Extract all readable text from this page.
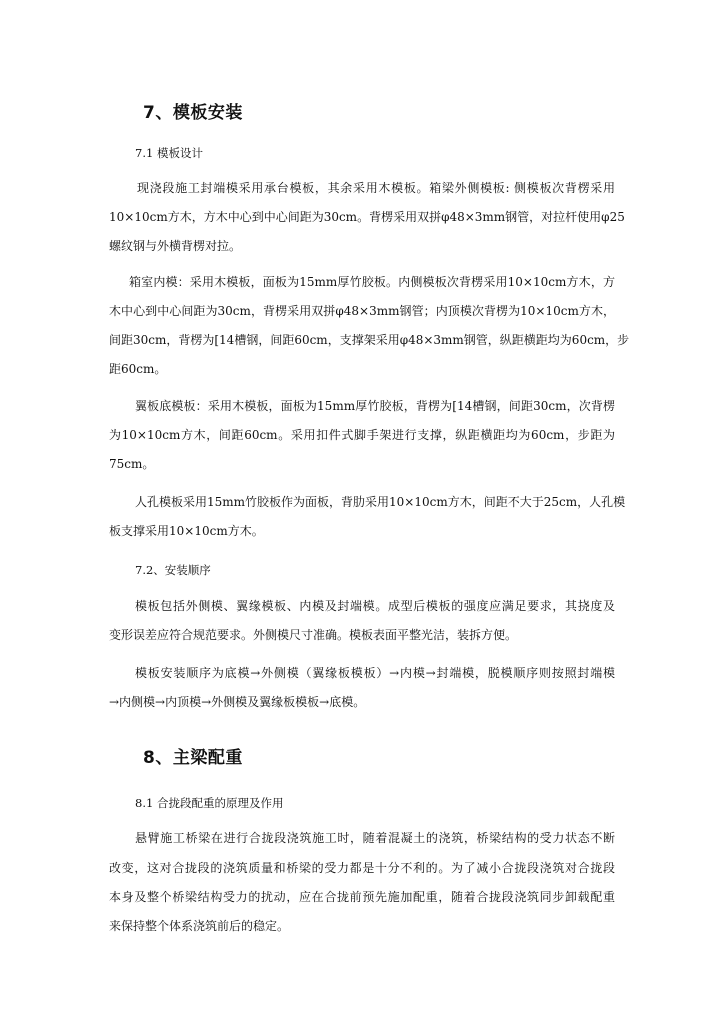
7、模板安装
7.1 模板设计
现浇段施工封端模采用承台模板，其余采用木模板。箱梁外侧模板: 侧模板次背楞采用
10×10cm方木，方木中心到中心间距为30cm。背楞采用双拼φ48×3mm钢管，对拉杆使用φ25
螺纹钢与外横背楞对拉。
箱室内模：采用木模板，面板为15mm厚竹胶板。内侧模板次背楞采用10×10cm方木，方
木中心到中心间距为30cm，背楞采用双拼φ48×3mm钢管；内顶模次背楞为10×10cm方木，
间距30cm，背楞为[14槽钢，间距60cm，支撑架采用φ48×3mm钢管，纵距横距均为60cm，步
距60cm。
翼板底模板：采用木模板，面板为15mm厚竹胶板，背楞为[14槽钢，间距30cm，次背楞
为10×10cm方木，间距60cm。采用扣件式脚手架进行支撑，纵距横距均为60cm，步距为
75cm。
人孔模板采用15mm竹胶板作为面板，背肋采用10×10cm方木，间距不大于25cm，人孔模
板支撑采用10×10cm方木。
7.2、安装顺序
模板包括外侧模、翼缘模板、内模及封端模。成型后模板的强度应满足要求，其挠度及
变形误差应符合规范要求。外侧模尺寸准确。模板表面平整光洁，装拆方便。
模板安装顺序为底模→外侧模（翼缘板模板）→内模→封端模，脱模顺序则按照封端模
→内侧模→内顶模→外侧模及翼缘板模板→底模。
8、主梁配重
8.1 合拢段配重的原理及作用
悬臂施工桥梁在进行合拢段浇筑施工时，随着混凝土的浇筑，桥梁结构的受力状态不断
改变，这对合拢段的浇筑质量和桥梁的受力都是十分不利的。为了减小合拢段浇筑对合拢段
本身及整个桥梁结构受力的扰动，应在合拢前预先施加配重，随着合拢段浇筑同步卸载配重
来保持整个体系浇筑前后的稳定。
